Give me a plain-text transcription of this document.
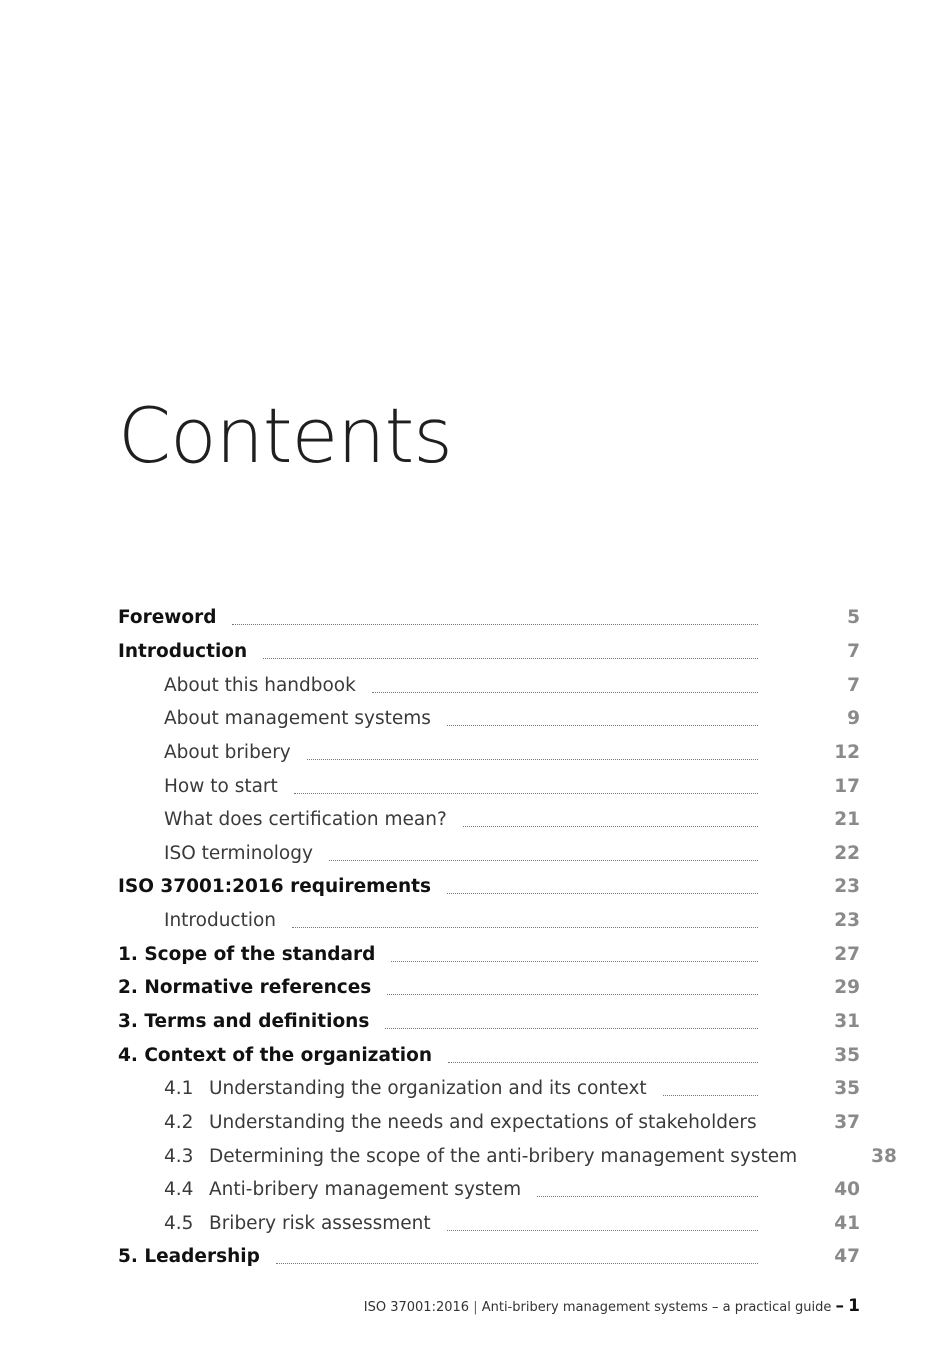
Contents
Foreword	5
Introduction	7
About this handbook	7
About management systems	9
About bribery	12
How to start	17
What does certification mean?	21
ISO terminology	22
ISO 37001:2016 requirements	23
Introduction	23
1. Scope of the standard	27
2. Normative references	29
3. Terms and definitions	31
4. Context of the organization	35
4.1 Understanding the organization and its context	35
4.2 Understanding the needs and expectations of stakeholders	37
4.3 Determining the scope of the anti-bribery management system	38
4.4 Anti-bribery management system	40
4.5 Bribery risk assessment	41
5. Leadership	47
ISO 37001:2016 | Anti-bribery management systems – a practical guide – 1
